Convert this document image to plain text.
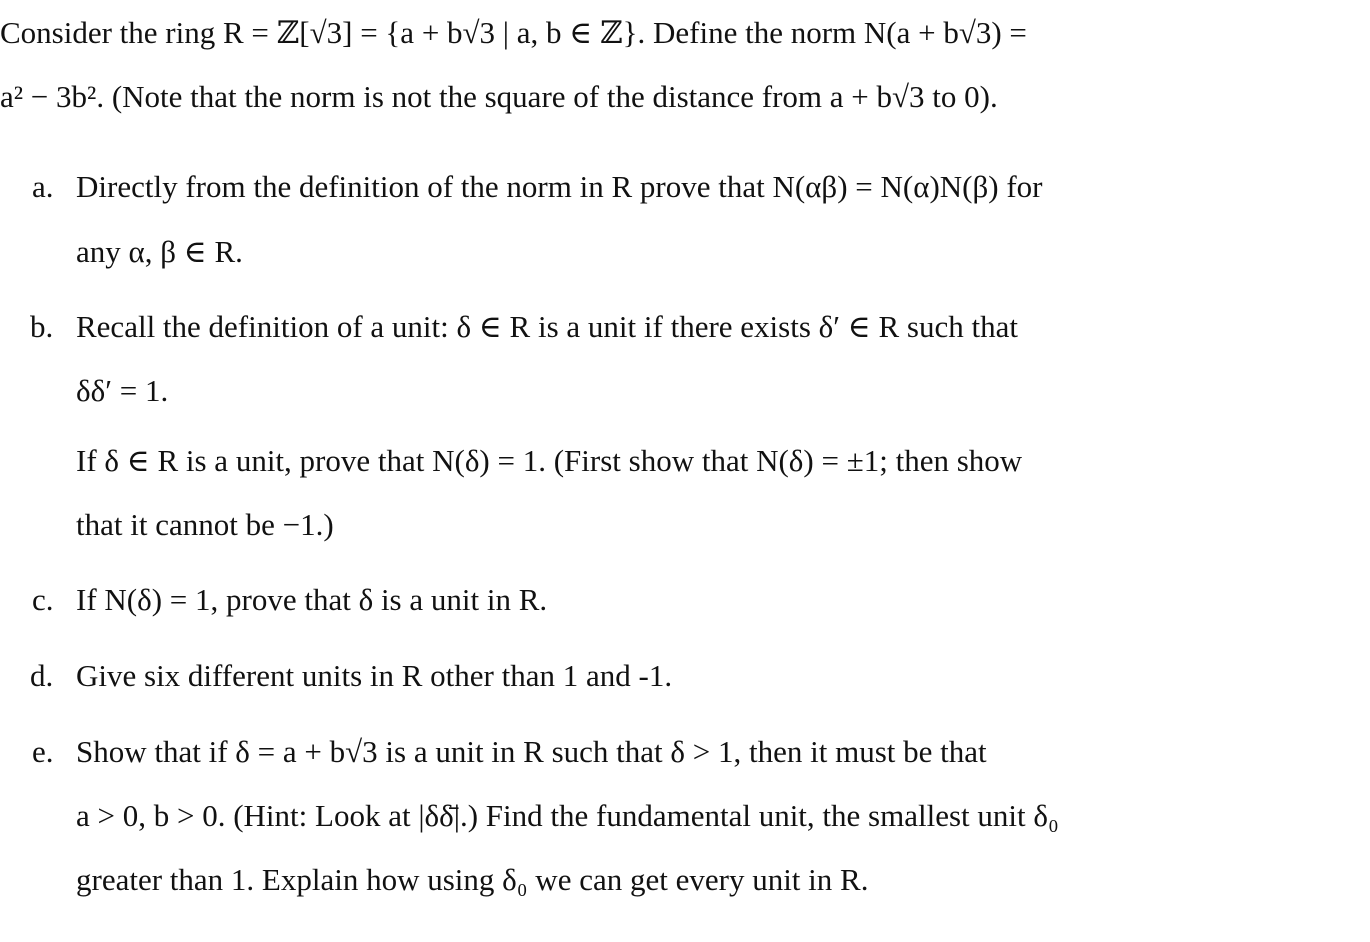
Consider the ring R = ℤ[√3] = {a + b√3 | a, b ∈ ℤ}. Define the norm N(a + b√3) =
a² − 3b². (Note that the norm is not the square of the distance from a + b√3 to 0).
a. Directly from the definition of the norm in R prove that N(αβ) = N(α)N(β) for
any α, β ∈ R.
b. Recall the definition of a unit: δ ∈ R is a unit if there exists δ′ ∈ R such that
δδ′ = 1.
If δ ∈ R is a unit, prove that N(δ) = 1. (First show that N(δ) = ±1; then show
that it cannot be −1.)
c. If N(δ) = 1, prove that δ is a unit in R.
d. Give six different units in R other than 1 and -1.
e. Show that if δ = a + b√3 is a unit in R such that δ > 1, then it must be that
a > 0, b > 0. (Hint: Look at |δδ̄|.) Find the fundamental unit, the smallest unit δ₀
greater than 1. Explain how using δ₀ we can get every unit in R.
